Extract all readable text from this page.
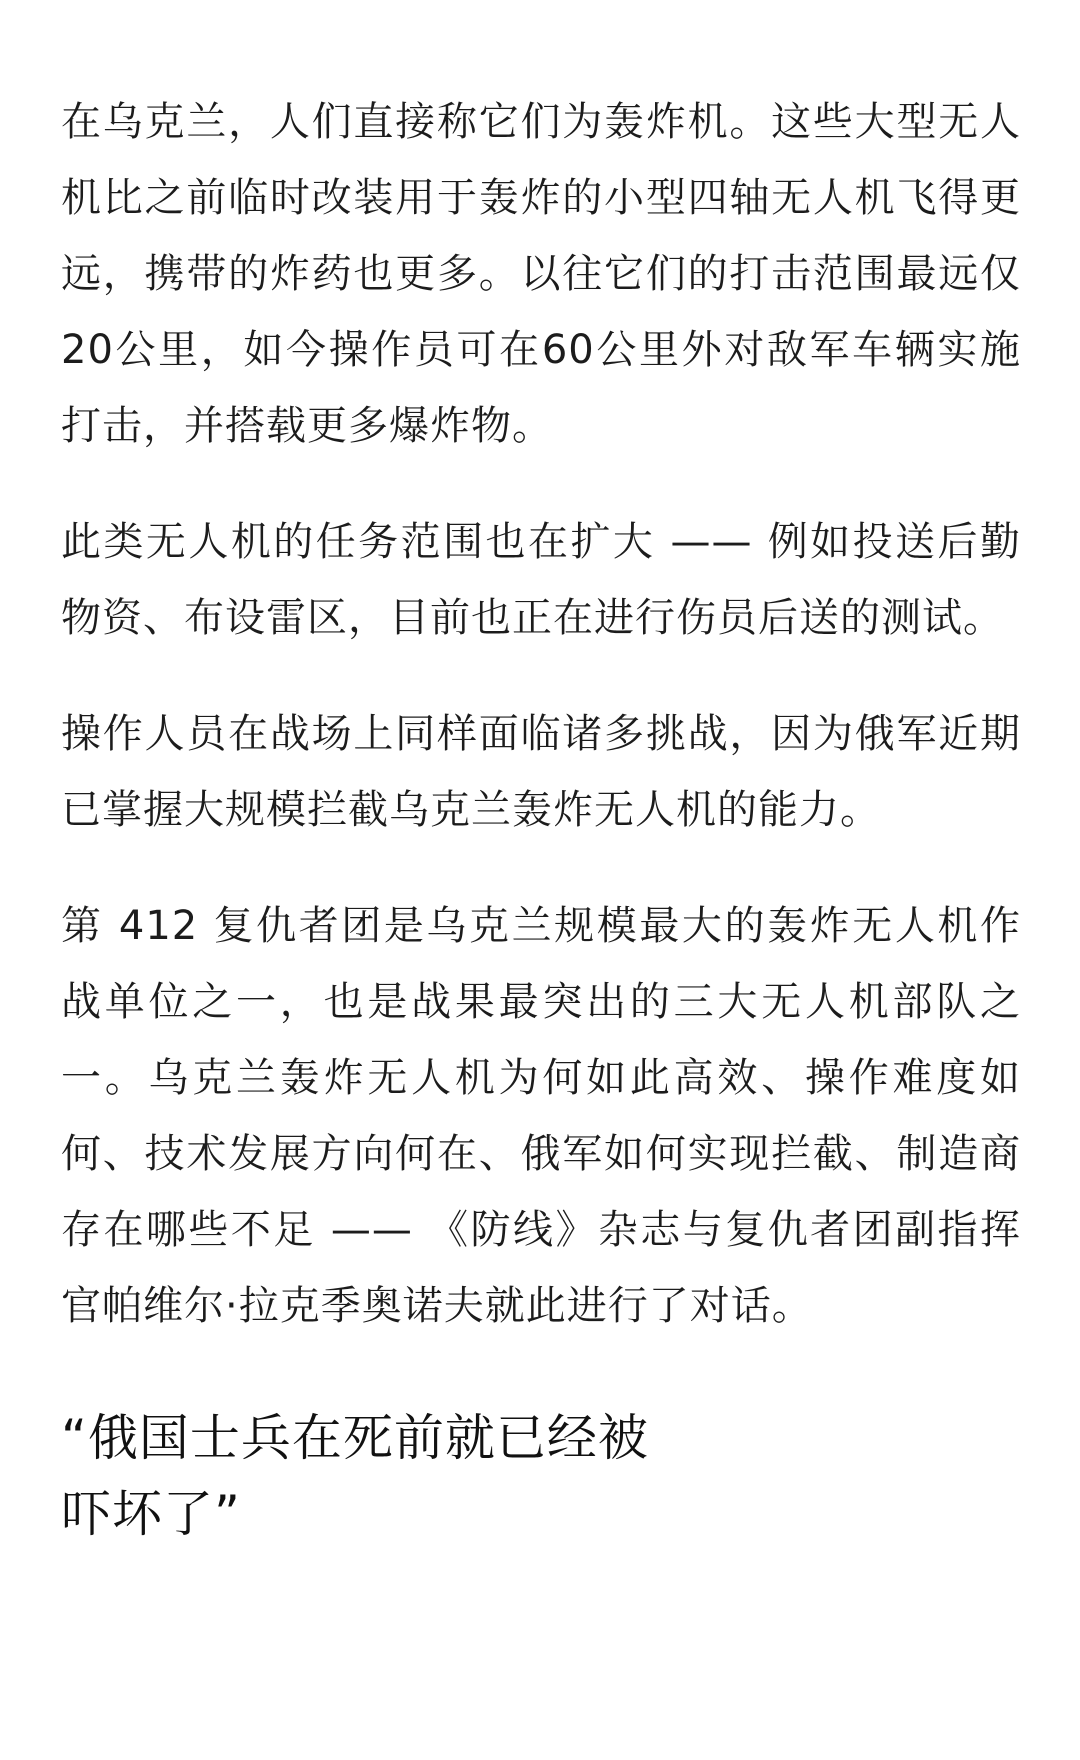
在乌克兰，人们直接称它们为轰炸机。这些大型无人机比之前临时改装用于轰炸的小型四轴无人机飞得更远，携带的炸药也更多。以往它们的打击范围最远仅20公里，如今操作员可在60公里外对敌军车辆实施打击，并搭载更多爆炸物。

此类无人机的任务范围也在扩大 —— 例如投送后勤物资、布设雷区，目前也正在进行伤员后送的测试。

操作人员在战场上同样面临诸多挑战，因为俄军近期已掌握大规模拦截乌克兰轰炸无人机的能力。

第 412 复仇者团是乌克兰规模最大的轰炸无人机作战单位之一，也是战果最突出的三大无人机部队之一。乌克兰轰炸无人机为何如此高效、操作难度如何、技术发展方向何在、俄军如何实现拦截、制造商存在哪些不足 —— 《防线》杂志与复仇者团副指挥官帕维尔·拉克季奥诺夫就此进行了对话。

“俄国士兵在死前就已经被吓坏了”
